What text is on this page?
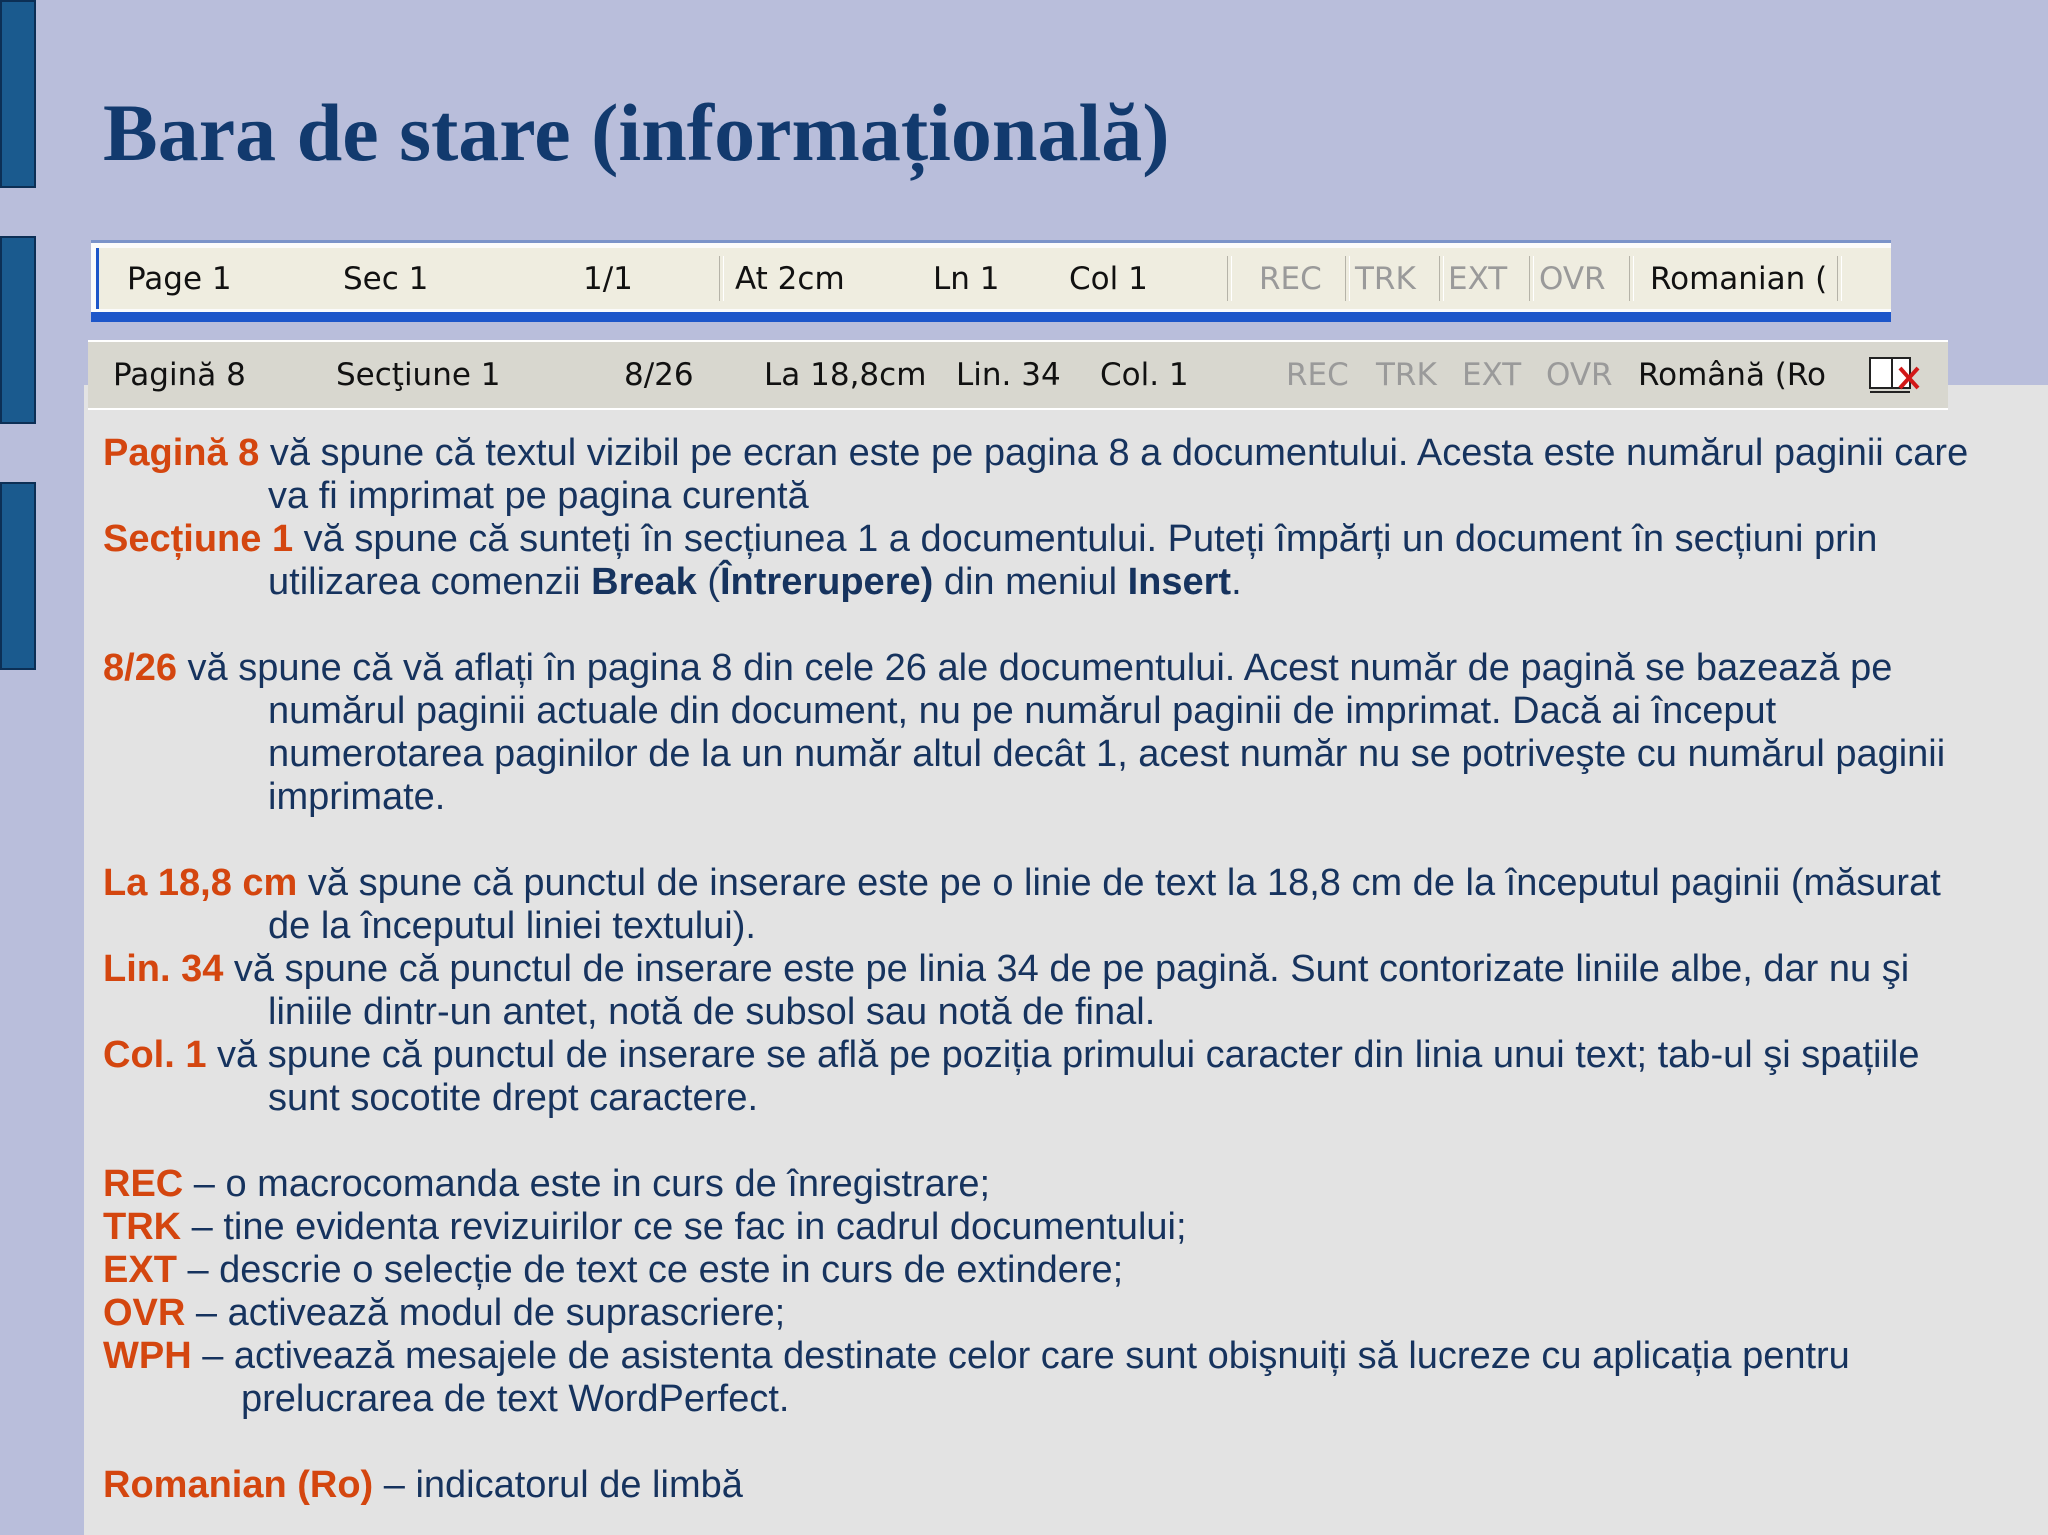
Bara de stare (informațională)
Page 1	Sec 1	1/1	At 2cm	Ln 1 Col 1	REC TRK EXT OVR Romanian (
Pagină 8	Secţiune 1	8/26 La 18,8cm Lin. 34 Col. 1	REC TRK EXT OVR Română (Ro

Pagină 8 vă spune că textul vizibil pe ecran este pe pagina 8 a documentului. Acesta este numărul paginii care va fi imprimat pe pagina curentă

Secțiune 1 vă spune că sunteți în secțiunea 1 a documentului. Puteți împărți un document în secțiuni prin utilizarea comenzii Break (Întrerupere) din meniul Insert.

8/26 vă spune că vă aflați în pagina 8 din cele 26 ale documentului. Acest număr de pagină se bazează pe numărul paginii actuale din document, nu pe numărul paginii de imprimat. Dacă ai început numerotarea paginilor de la un număr altul decât 1, acest număr nu se potriveşte cu numărul paginii imprimate.

La 18,8 cm vă spune că punctul de inserare este pe o linie de text la 18,8 cm de la începutul paginii (măsurat de la începutul liniei textului).

Lin. 34 vă spune că punctul de inserare este pe linia 34 de pe pagină. Sunt contorizate liniile albe, dar nu şi liniile dintr-un antet, notă de subsol sau notă de final.

Col. 1 vă spune că punctul de inserare se află pe poziția primului caracter din linia unui text; tab-ul şi spațiile sunt socotite drept caractere.

REC – o macrocomanda este in curs de înregistrare;

TRK – tine evidenta revizuirilor ce se fac in cadrul documentului;

EXT – descrie o selecție de text ce este in curs de extindere;

OVR – activează modul de suprascriere;

WPH – activează mesajele de asistenta destinate celor care sunt obişnuiți să lucreze cu aplicația pentru prelucrarea de text WordPerfect.

Romanian (Ro) – indicatorul de limbă
